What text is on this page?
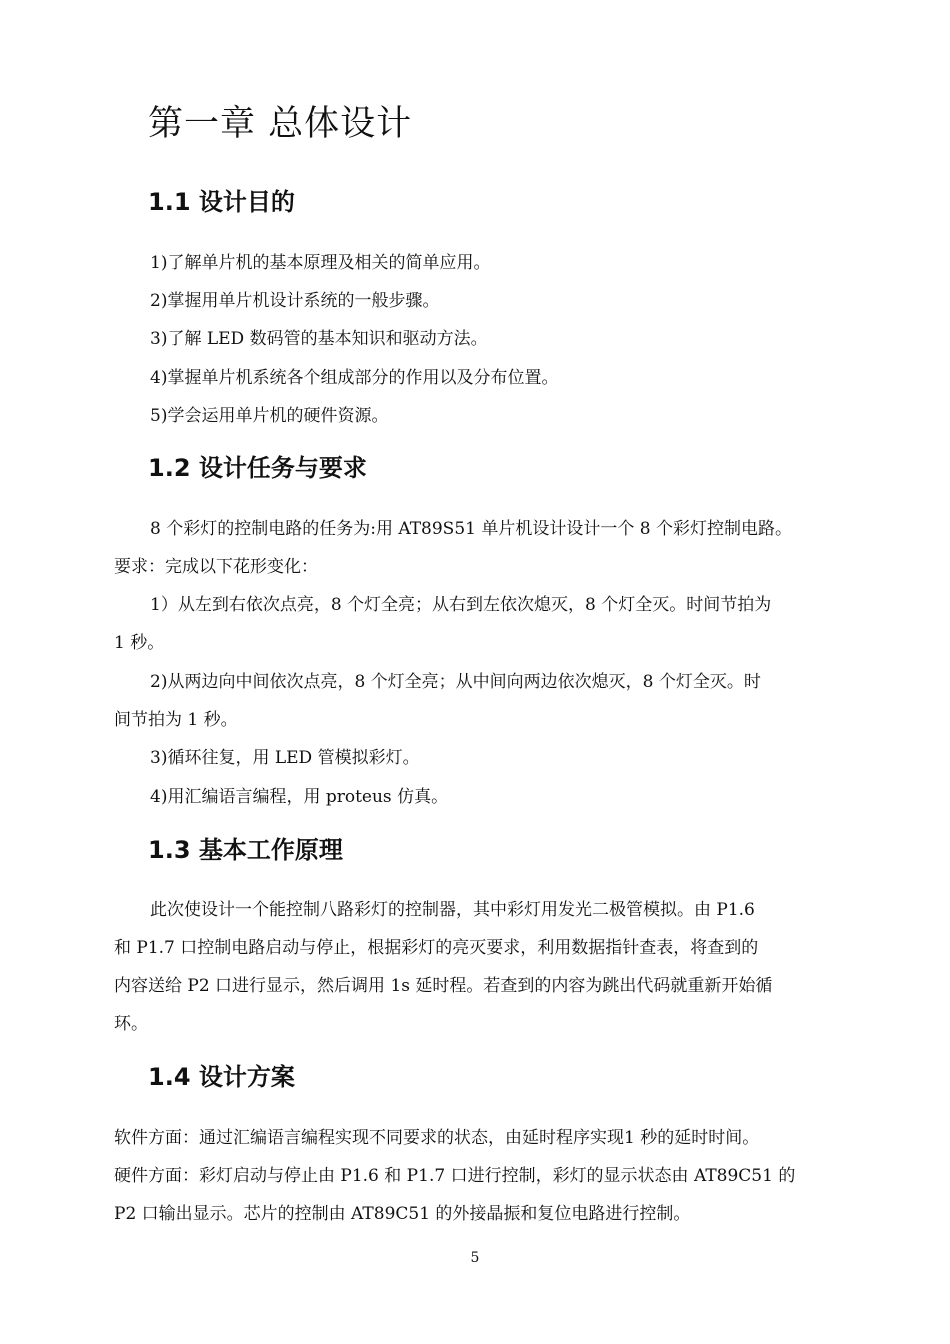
第一章 总体设计
1.1 设计目的
1)了解单片机的基本原理及相关的简单应用。
2)掌握用单片机设计系统的一般步骤。
3)了解 LED 数码管的基本知识和驱动方法。
4)掌握单片机系统各个组成部分的作用以及分布位置。
5)学会运用单片机的硬件资源。
1.2 设计任务与要求
8 个彩灯的控制电路的任务为:用 AT89S51 单片机设计设计一个 8 个彩灯控制电路。
要求：完成以下花形变化：
1）从左到右依次点亮，8 个灯全亮；从右到左依次熄灭，8 个灯全灭。时间节拍为
1 秒。
2)从两边向中间依次点亮，8 个灯全亮；从中间向两边依次熄灭，8 个灯全灭。时
间节拍为 1 秒。
3)循环往复，用 LED 管模拟彩灯。
4)用汇编语言编程，用 proteus 仿真。
1.3 基本工作原理
此次使设计一个能控制八路彩灯的控制器，其中彩灯用发光二极管模拟。由 P1.6
和 P1.7 口控制电路启动与停止，根据彩灯的亮灭要求，利用数据指针查表，将查到的
内容送给 P2 口进行显示，然后调用 1s 延时程。若查到的内容为跳出代码就重新开始循
环。
1.4 设计方案
软件方面：通过汇编语言编程实现不同要求的状态，由延时程序实现1 秒的延时时间。
硬件方面：彩灯启动与停止由 P1.6 和 P1.7 口进行控制，彩灯的显示状态由 AT89C51 的
P2 口输出显示。芯片的控制由 AT89C51 的外接晶振和复位电路进行控制。
5
